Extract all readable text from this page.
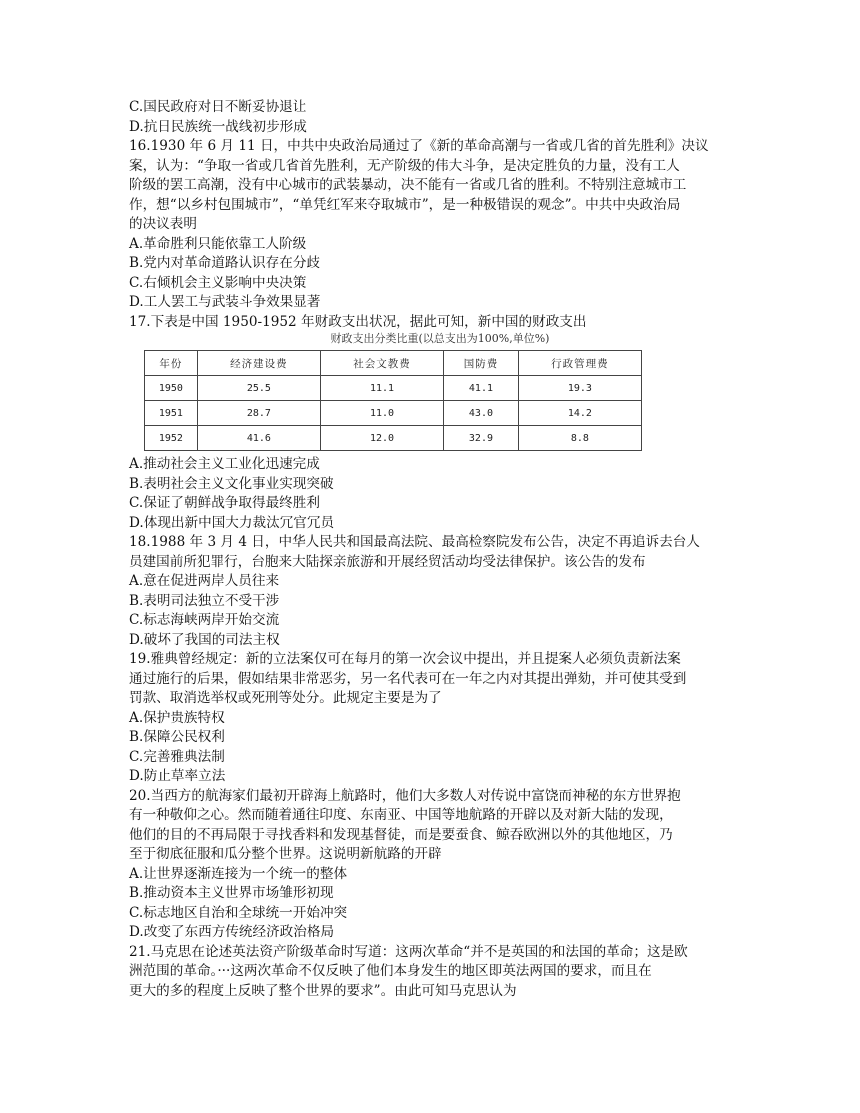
C.国民政府对日不断妥协退让
D.抗日民族统一战线初步形成
16.1930 年 6 月 11 日，中共中央政治局通过了《新的革命高潮与一省或几省的首先胜利》决议
案，认为：“争取一省或几省首先胜利，无产阶级的伟大斗争，是决定胜负的力量，没有工人
阶级的罢工高潮，没有中心城市的武装暴动，决不能有一省或几省的胜利。不特别注意城市工
作，想“以乡村包围城市”，“单凭红军来夺取城市”，是一种极错误的观念”。中共中央政治局
的决议表明
A.革命胜利只能依靠工人阶级
B.党内对革命道路认识存在分歧
C.右倾机会主义影响中央决策
D.工人罢工与武装斗争效果显著
17.下表是中国 1950-1952 年财政支出状况，据此可知，新中国的财政支出
财政支出分类比重(以总支出为100%,单位%)
年份	经济建设费	社会文教费	国防费	行政管理费
1950	25.5	11.1	41.1	19.3
1951	28.7	11.0	43.0	14.2
1952	41.6	12.0	32.9	8.8
A.推动社会主义工业化迅速完成
B.表明社会主义文化事业实现突破
C.保证了朝鲜战争取得最终胜利
D.体现出新中国大力裁汰冗官冗员
18.1988 年 3 月 4 日，中华人民共和国最高法院、最高检察院发布公告，决定不再追诉去台人
员建国前所犯罪行，台胞来大陆探亲旅游和开展经贸活动均受法律保护。该公告的发布
A.意在促进两岸人员往来
B.表明司法独立不受干涉
C.标志海峡两岸开始交流
D.破坏了我国的司法主权
19.雅典曾经规定：新的立法案仅可在每月的第一次会议中提出，并且提案人必须负责新法案
通过施行的后果，假如结果非常恶劣，另一名代表可在一年之内对其提出弹劾，并可使其受到
罚款、取消选举权或死刑等处分。此规定主要是为了
A.保护贵族特权
B.保障公民权利
C.完善雅典法制
D.防止草率立法
20.当西方的航海家们最初开辟海上航路时，他们大多数人对传说中富饶而神秘的东方世界抱
有一种敬仰之心。然而随着通往印度、东南亚、中国等地航路的开辟以及对新大陆的发现，
他们的目的不再局限于寻找香料和发现基督徒，而是要蚕食、鲸吞欧洲以外的其他地区，乃
至于彻底征服和瓜分整个世界。这说明新航路的开辟
A.让世界逐渐连接为一个统一的整体
B.推动资本主义世界市场雏形初现
C.标志地区自治和全球统一开始冲突
D.改变了东西方传统经济政治格局
21.马克思在论述英法资产阶级革命时写道：这两次革命“并不是英国的和法国的革命；这是欧
洲范围的革命。···这两次革命不仅反映了他们本身发生的地区即英法两国的要求，而且在
更大的多的程度上反映了整个世界的要求”。由此可知马克思认为
